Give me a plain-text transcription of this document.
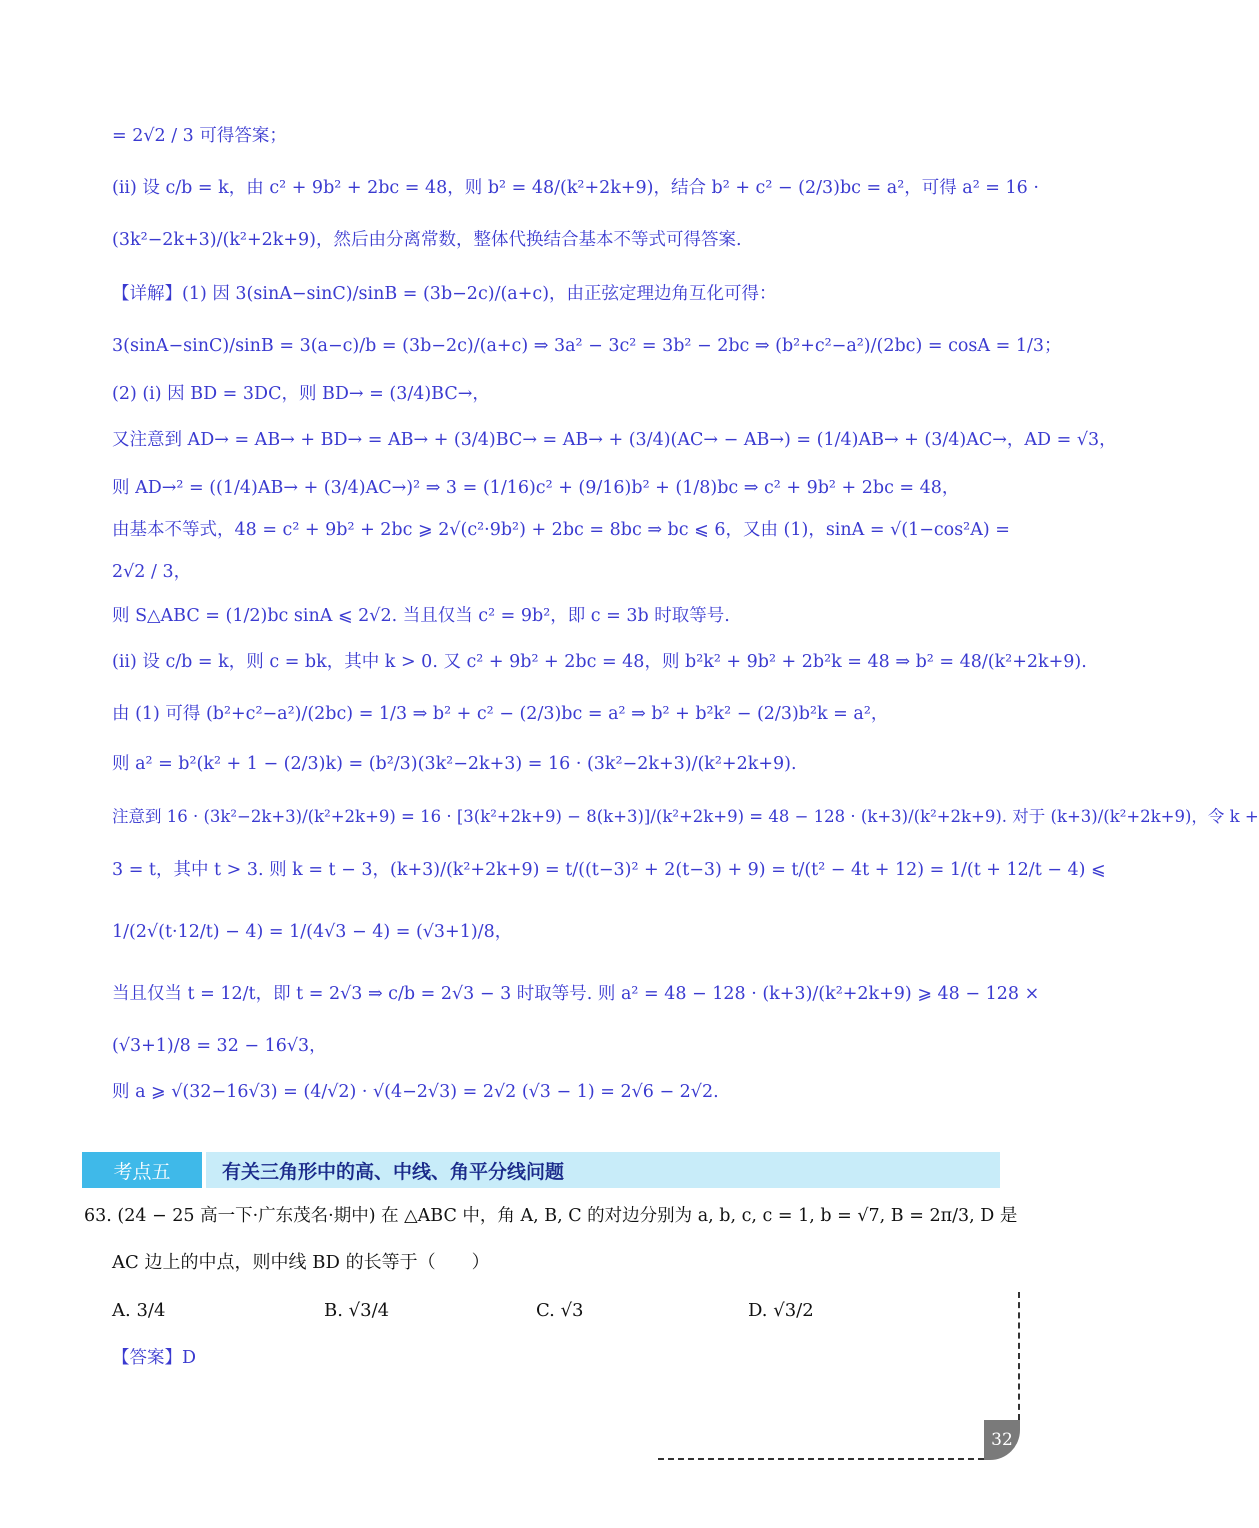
= 2√2 / 3 可得答案；
(ii) 设 c/b = k，由 c² + 9b² + 2bc = 48，则 b² = 48/(k²+2k+9)，结合 b² + c² − (2/3)bc = a²，可得 a² = 16 ·
(3k²−2k+3)/(k²+2k+9)，然后由分离常数，整体代换结合基本不等式可得答案.
【详解】(1) 因 3(sinA−sinC)/sinB = (3b−2c)/(a+c)，由正弦定理边角互化可得：
3(sinA−sinC)/sinB = 3(a−c)/b = (3b−2c)/(a+c) ⇒ 3a² − 3c² = 3b² − 2bc ⇒ (b²+c²−a²)/(2bc) = cosA = 1/3；
(2) (i) 因 BD = 3DC，则 BD→ = (3/4)BC→，
又注意到 AD→ = AB→ + BD→ = AB→ + (3/4)BC→ = AB→ + (3/4)(AC→ − AB→) = (1/4)AB→ + (3/4)AC→，AD = √3，
则 AD→² = ((1/4)AB→ + (3/4)AC→)² ⇒ 3 = (1/16)c² + (9/16)b² + (1/8)bc ⇒ c² + 9b² + 2bc = 48，
由基本不等式，48 = c² + 9b² + 2bc ⩾ 2√(c²·9b²) + 2bc = 8bc ⇒ bc ⩽ 6，又由 (1)，sinA = √(1−cos²A) =
2√2 / 3，
则 S△ABC = (1/2)bc sinA ⩽ 2√2. 当且仅当 c² = 9b²，即 c = 3b 时取等号.
(ii) 设 c/b = k，则 c = bk，其中 k > 0. 又 c² + 9b² + 2bc = 48，则 b²k² + 9b² + 2b²k = 48 ⇒ b² = 48/(k²+2k+9).
由 (1) 可得 (b²+c²−a²)/(2bc) = 1/3 ⇒ b² + c² − (2/3)bc = a² ⇒ b² + b²k² − (2/3)b²k = a²，
则 a² = b²(k² + 1 − (2/3)k) = (b²/3)(3k²−2k+3) = 16 · (3k²−2k+3)/(k²+2k+9).
注意到 16 · (3k²−2k+3)/(k²+2k+9) = 16 · [3(k²+2k+9) − 8(k+3)]/(k²+2k+9) = 48 − 128 · (k+3)/(k²+2k+9). 对于 (k+3)/(k²+2k+9)，令 k +
3 = t，其中 t > 3. 则 k = t − 3，(k+3)/(k²+2k+9) = t/((t−3)² + 2(t−3) + 9) = t/(t² − 4t + 12) = 1/(t + 12/t − 4) ⩽
1/(2√(t·12/t) − 4) = 1/(4√3 − 4) = (√3+1)/8，
当且仅当 t = 12/t，即 t = 2√3 ⇒ c/b = 2√3 − 3 时取等号. 则 a² = 48 − 128 · (k+3)/(k²+2k+9) ⩾ 48 − 128 ×
(√3+1)/8 = 32 − 16√3，
则 a ⩾ √(32−16√3) = (4/√2) · √(4−2√3) = 2√2 (√3 − 1) = 2√6 − 2√2.
考点五	有关三角形中的高、中线、角平分线问题
63. (24 − 25 高一下·广东茂名·期中) 在 △ABC 中，角 A, B, C 的对边分别为 a, b, c, c = 1, b = √7, B = 2π/3, D 是
AC 边上的中点，则中线 BD 的长等于（　　）
A. 3/4	B. √3/4	C. √3	D. √3/2
【答案】D
32
